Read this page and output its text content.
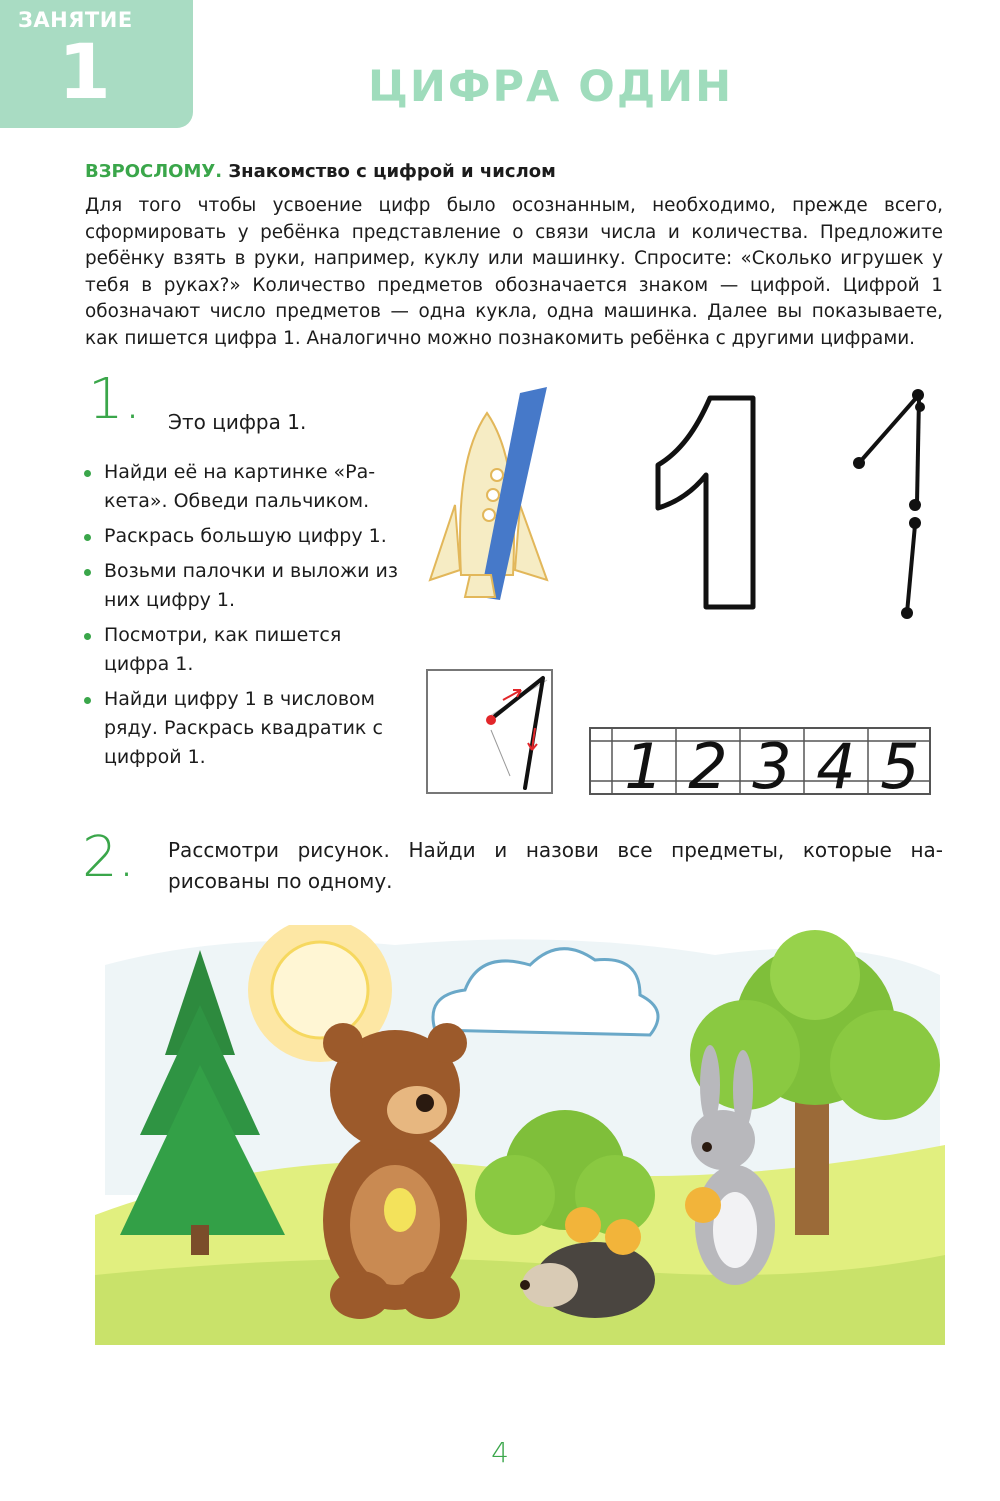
ЗАНЯТИЕ
1	ЦИФРА ОДИН

ВЗРОСЛОМУ. Знакомство с цифрой и числом

Для того чтобы усвоение цифр было осознанным, необходимо, прежде всего,
сформировать у ребёнка представление о связи числа и количества. Предложите
ребёнку взять в руки, например, куклу или машинку. Спросите: «Сколько игрушек у
тебя в руках?» Количество предметов обозначается знаком — цифрой. Цифрой 1
обозначают число предметов — одна кукла, одна машинка. Далее вы показываете,
как пишется цифра 1. Аналогично можно познакомить ребёнка с другими цифрами.

1. Это цифра 1.

Найди её на картинке «Ра-кета». Обведи пальчиком.
Раскрась большую цифру 1.
Возьми палочки и выложи из них цифру 1.
Посмотри, как пишется цифра 1.
Найди цифру 1 в числовом ряду. Раскрась квадратик с цифрой 1.
1
1 2 3 4 5
2. Рассмотри рисунок. Найди и назови все предметы, которые на-
рисованы по одному.

4
